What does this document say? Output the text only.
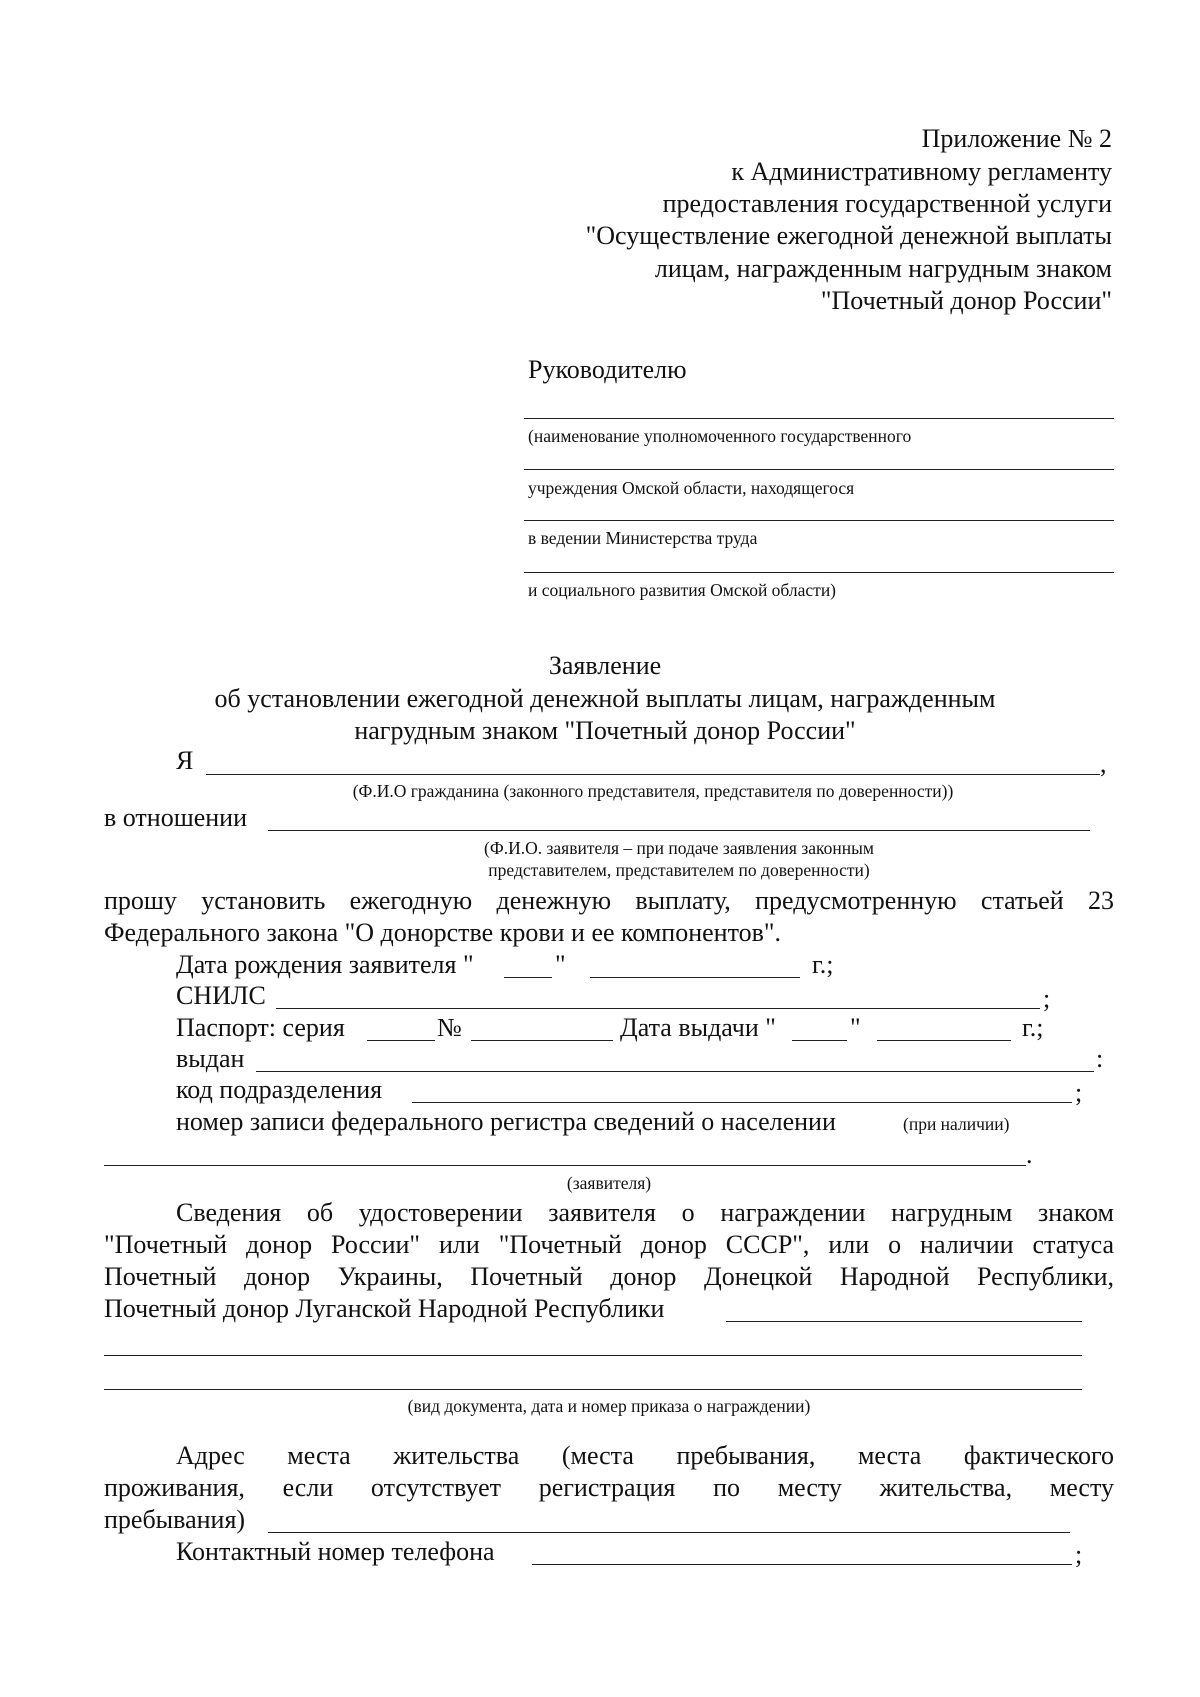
Приложение № 2
к Административному регламенту
предоставления государственной услуги
"Осуществление ежегодной денежной выплаты
лицам, награжденным нагрудным знаком
"Почетный донор России"
Руководителю
(наименование уполномоченного государственного
учреждения Омской области, находящегося
в ведении Министерства труда
и социального развития Омской области)
Заявление
об установлении ежегодной денежной выплаты лицам, награжденным
нагрудным знаком "Почетный донор России"
Я	,
(Ф.И.О гражданина (законного представителя, представителя по доверенности))
в отношении
(Ф.И.О. заявителя – при подаче заявления законным
представителем, представителем по доверенности)
прошу установить ежегодную денежную выплату, предусмотренную статьей 23
Федерального закона "О донорстве крови и ее компонентов".
Дата рождения заявителя "	"	г.;
СНИЛС	;
Паспорт: серия	№	Дата выдачи "	"	г.;
выдан	:
код подразделения	;
номер записи федерального регистра сведений о населении	(при наличии)
.
(заявителя)
Сведения об удостоверении заявителя о награждении нагрудным знаком
"Почетный донор России" или "Почетный донор СССР", или о наличии статуса
Почетный донор Украины, Почетный донор Донецкой Народной Республики,
Почетный донор Луганской Народной Республики
(вид документа, дата и номер приказа о награждении)
Адрес места жительства (места пребывания, места фактического
проживания, если отсутствует регистрация по месту жительства, месту
пребывания)
Контактный номер телефона	;
